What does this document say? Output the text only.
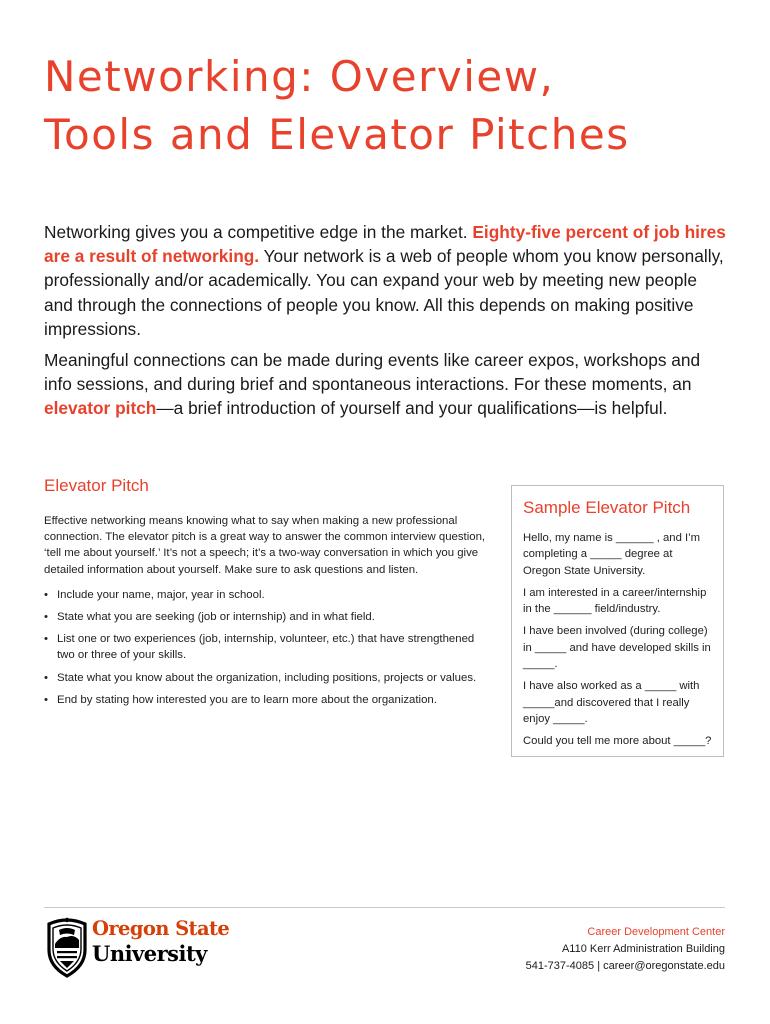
Networking: Overview,
Tools and Elevator Pitches

Networking gives you a competitive edge in the market. Eighty-five percent of job hires are a result of networking. Your network is a web of people whom you know personally, professionally and/or academically. You can expand your web by meeting new people and through the connections of people you know. All this depends on making positive impressions.

Meaningful connections can be made during events like career expos, workshops and info sessions, and during brief and spontaneous interactions. For these moments, an elevator pitch—a brief introduction of yourself and your qualifications—is helpful.

Elevator Pitch

Effective networking means knowing what to say when making a new professional connection. The elevator pitch is a great way to answer the common interview question, ‘tell me about yourself.’ It’s not a speech; it’s a two-way conversation in which you give detailed information about yourself. Make sure to ask questions and listen.

• Include your name, major, year in school.
• State what you are seeking (job or internship) and in what field.
• List one or two experiences (job, internship, volunteer, etc.) that have strengthened two or three of your skills.
• State what you know about the organization, including positions, projects or values.
• End by stating how interested you are to learn more about the organization.
Sample Elevator Pitch

Hello, my name is ______ , and I’m completing a _____ degree at Oregon State University.

I am interested in a career/internship in the ______ field/industry.

I have been involved (during college) in _____ and have developed skills in _____.

I have also worked as a _____ with _____and discovered that I really enjoy _____.

Could you tell me more about _____?

Oregon State
University
Career Development Center
A110 Kerr Administration Building
541-737-4085 | career@oregonstate.edu
